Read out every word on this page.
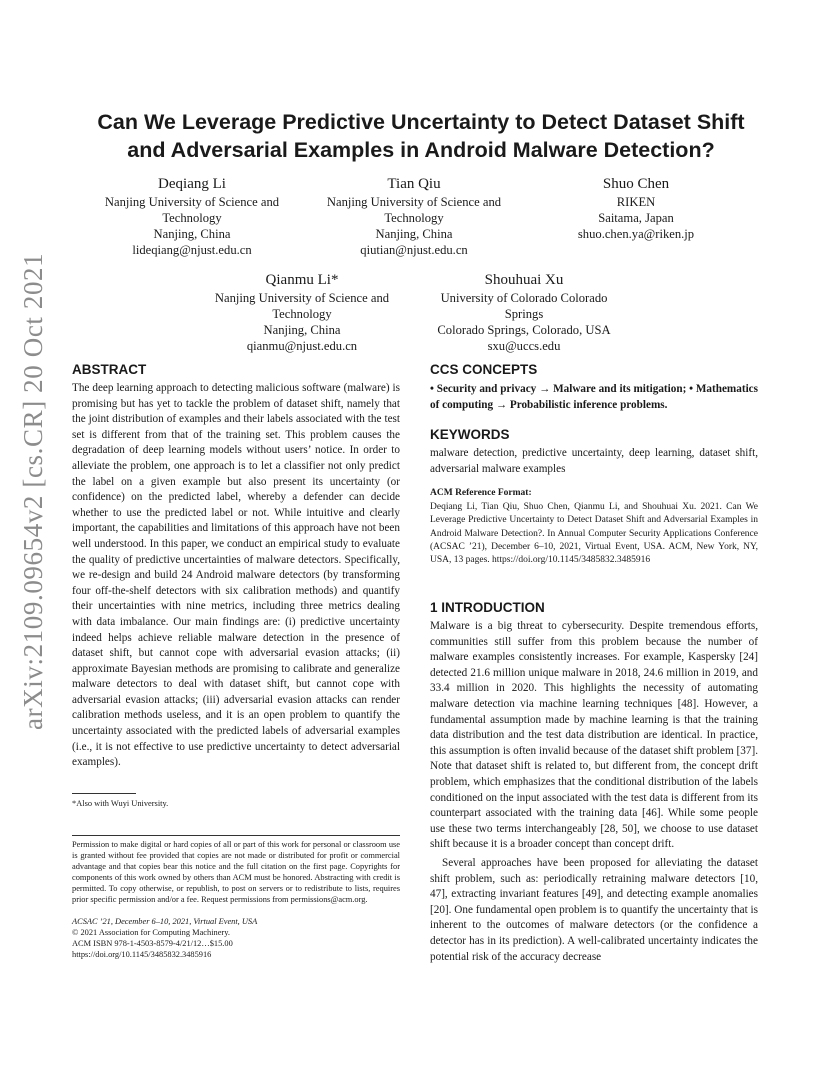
arXiv:2109.09654v2 [cs.CR] 20 Oct 2021
Can We Leverage Predictive Uncertainty to Detect Dataset Shift
and Adversarial Examples in Android Malware Detection?
Deqiang Li
Nanjing University of Science and
Technology
Nanjing, China
lideqiang@njust.edu.cn
Tian Qiu
Nanjing University of Science and
Technology
Nanjing, China
qiutian@njust.edu.cn
Shuo Chen
RIKEN
Saitama, Japan
shuo.chen.ya@riken.jp
Qianmu Li*
Nanjing University of Science and
Technology
Nanjing, China
qianmu@njust.edu.cn
Shouhuai Xu
University of Colorado Colorado
Springs
Colorado Springs, Colorado, USA
sxu@uccs.edu
ABSTRACT

The deep learning approach to detecting malicious software (malware) is promising but has yet to tackle the problem of dataset shift, namely that the joint distribution of examples and their labels associated with the test set is different from that of the training set. This problem causes the degradation of deep learning models without users’ notice. In order to alleviate the problem, one approach is to let a classifier not only predict the label on a given example but also present its uncertainty (or confidence) on the predicted label, whereby a defender can decide whether to use the predicted label or not. While intuitive and clearly important, the capabilities and limitations of this approach have not been well understood. In this paper, we conduct an empirical study to evaluate the quality of predictive uncertainties of malware detectors. Specifically, we re-design and build 24 Android malware detectors (by transforming four off-the-shelf detectors with six calibration methods) and quantify their uncertainties with nine metrics, including three metrics dealing with data imbalance. Our main findings are: (i) predictive uncertainty indeed helps achieve reliable malware detection in the presence of dataset shift, but cannot cope with adversarial evasion attacks; (ii) approximate Bayesian methods are promising to calibrate and generalize malware detectors to deal with dataset shift, but cannot cope with adversarial evasion attacks; (iii) adversarial evasion attacks can render calibration methods useless, and it is an open problem to quantify the uncertainty associated with the predicted labels of adversarial examples (i.e., it is not effective to use predictive uncertainty to detect adversarial examples).

*Also with Wuyi University.

Permission to make digital or hard copies of all or part of this work for personal or classroom use is granted without fee provided that copies are not made or distributed for profit or commercial advantage and that copies bear this notice and the full citation on the first page. Copyrights for components of this work owned by others than ACM must be honored. Abstracting with credit is permitted. To copy otherwise, or republish, to post on servers or to redistribute to lists, requires prior specific permission and/or a fee. Request permissions from permissions@acm.org.

ACSAC ’21, December 6–10, 2021, Virtual Event, USA
© 2021 Association for Computing Machinery.
ACM ISBN 978-1-4503-8579-4/21/12…$15.00
https://doi.org/10.1145/3485832.3485916
CCS CONCEPTS

• Security and privacy → Malware and its mitigation; • Mathematics of computing → Probabilistic inference problems.

KEYWORDS

malware detection, predictive uncertainty, deep learning, dataset shift, adversarial malware examples

ACM Reference Format:

Deqiang Li, Tian Qiu, Shuo Chen, Qianmu Li, and Shouhuai Xu. 2021. Can We Leverage Predictive Uncertainty to Detect Dataset Shift and Adversarial Examples in Android Malware Detection?. In Annual Computer Security Applications Conference (ACSAC ’21), December 6–10, 2021, Virtual Event, USA. ACM, New York, NY, USA, 13 pages. https://doi.org/10.1145/3485832.3485916

1 INTRODUCTION

Malware is a big threat to cybersecurity. Despite tremendous efforts, communities still suffer from this problem because the number of malware examples consistently increases. For example, Kaspersky [24] detected 21.6 million unique malware in 2018, 24.6 million in 2019, and 33.4 million in 2020. This highlights the necessity of automating malware detection via machine learning techniques [48]. However, a fundamental assumption made by machine learning is that the training data distribution and the test data distribution are identical. In practice, this assumption is often invalid because of the dataset shift problem [37]. Note that dataset shift is related to, but different from, the concept drift problem, which emphasizes that the conditional distribution of the labels conditioned on the input associated with the test data is different from its counterpart associated with the training data [46]. While some people use these two terms interchangeably [28, 50], we choose to use dataset shift because it is a broader concept than concept drift.

Several approaches have been proposed for alleviating the dataset shift problem, such as: periodically retraining malware detectors [10, 47], extracting invariant features [49], and detecting example anomalies [20]. One fundamental open problem is to quantify the uncertainty that is inherent to the outcomes of malware detectors (or the confidence a detector has in its prediction). A well-calibrated uncertainty indicates the potential risk of the accuracy decrease
